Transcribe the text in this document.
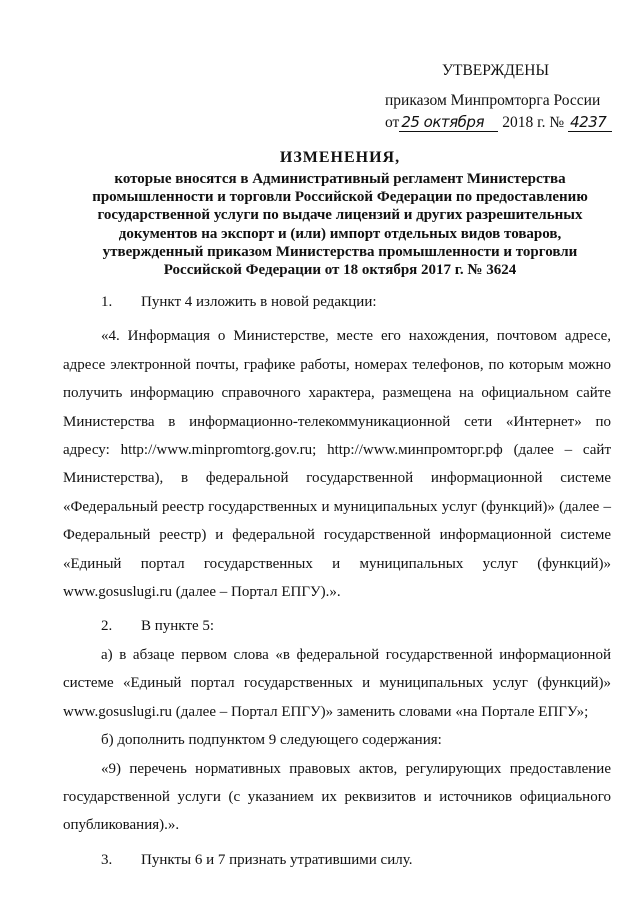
УТВЕРЖДЕНЫ
приказом Минпромторга России
от 25 октября 2018 г. № 4237
ИЗМЕНЕНИЯ,
которые вносятся в Административный регламент Министерства промышленности и торговли Российской Федерации по предоставлению государственной услуги по выдаче лицензий и других разрешительных документов на экспорт и (или) импорт отдельных видов товаров, утвержденный приказом Министерства промышленности и торговли Российской Федерации от 18 октября 2017 г. № 3624

1. Пункт 4 изложить в новой редакции:

«4. Информация о Министерстве, месте его нахождения, почтовом адресе, адресе электронной почты, графике работы, номерах телефонов, по которым можно получить информацию справочного характера, размещена на официальном сайте Министерства в информационно-телекоммуникационной сети «Интернет» по адресу: http://www.minpromtorg.gov.ru; http://www.минпромторг.рф (далее – сайт Министерства), в федеральной государственной информационной системе «Федеральный реестр государственных и муниципальных услуг (функций)» (далее – Федеральный реестр) и федеральной государственной информационной системе «Единый портал государственных и муниципальных услуг (функций)» www.gosuslugi.ru (далее – Портал ЕПГУ).».

2. В пункте 5:

а) в абзаце первом слова «в федеральной государственной информационной системе «Единый портал государственных и муниципальных услуг (функций)» www.gosuslugi.ru (далее – Портал ЕПГУ)» заменить словами «на Портале ЕПГУ»;

б) дополнить подпунктом 9 следующего содержания:

«9) перечень нормативных правовых актов, регулирующих предоставление государственной услуги (с указанием их реквизитов и источников официального опубликования).».

3. Пункты 6 и 7 признать утратившими силу.
